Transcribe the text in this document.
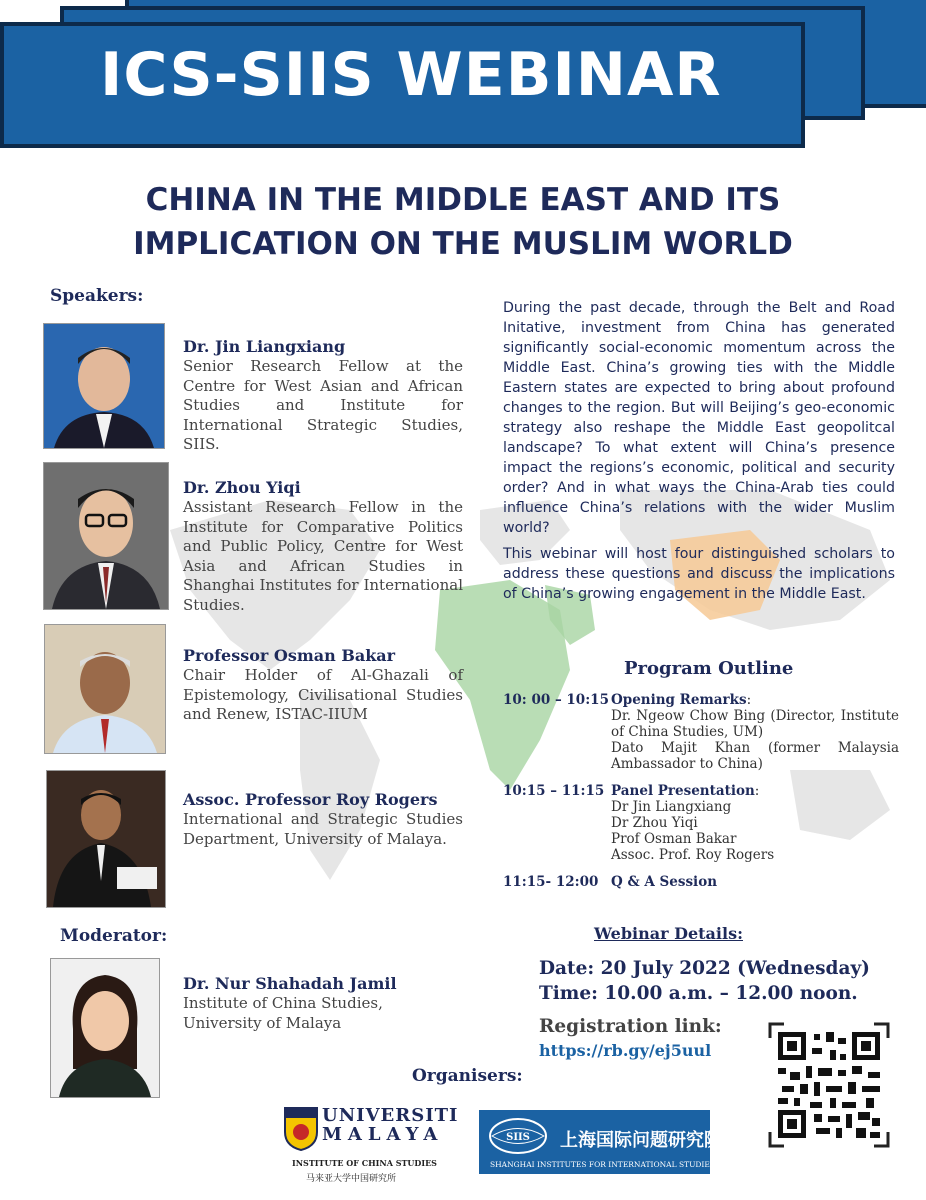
ICS-SIIS WEBINAR
CHINA IN THE MIDDLE EAST AND ITS
IMPLICATION ON THE MUSLIM WORLD
Speakers:
Dr. Jin Liangxiang
Senior Research Fellow at the Centre for West Asian and African Studies and Institute for International Strategic Studies, SIIS.
Dr. Zhou Yiqi
Assistant Research Fellow in the Institute for Comparative Politics and Public Policy, Centre for West Asia and African Studies in Shanghai Institutes for International Studies.
Professor Osman Bakar
Chair Holder of Al-Ghazali of Epistemology, Civilisational Studies and Renew, ISTAC-IIUM
Assoc. Professor Roy Rogers
International and Strategic Studies Department, University of Malaya.
Moderator:
Dr. Nur Shahadah Jamil
Institute of China Studies, University of Malaya

During the past decade, through the Belt and Road Initative, investment from China has generated significantly social-economic momentum across the Middle East. China’s growing ties with the Middle Eastern states are expected to bring about profound changes to the region. But will Beijing’s geo-economic strategy also reshape the Middle East geopolitcal landscape? To what extent will China’s presence impact the regions’s economic, political and security order? And in what ways the China-Arab ties could influence China’s relations with the wider Muslim world?

This webinar will host four distinguished scholars to address these questions and discuss the implications of China’s growing engagement in the Middle East.

Program Outline
10: 00 – 10:15 Opening Remarks:
Dr. Ngeow Chow Bing (Director, Institute of China Studies, UM)
Dato Majit Khan (former Malaysia Ambassador to China)
10:15 – 11:15 Panel Presentation:
Dr Jin Liangxiang
Dr Zhou Yiqi
Prof Osman Bakar
Assoc. Prof. Roy Rogers
11:15- 12:00 Q & A Session
Webinar Details:
Date: 20 July 2022 (Wednesday)
Time: 10.00 a.m. – 12.00 noon.
Registration link:
https://rb.gy/ej5uul
Organisers:
UNIVERSITI
MALAYA
INSTITUTE OF CHINA STUDIES
马来亚大学中国研究所
SIIS 上海国际问题研究院
SHANGHAI INSTITUTES FOR INTERNATIONAL STUDIES
